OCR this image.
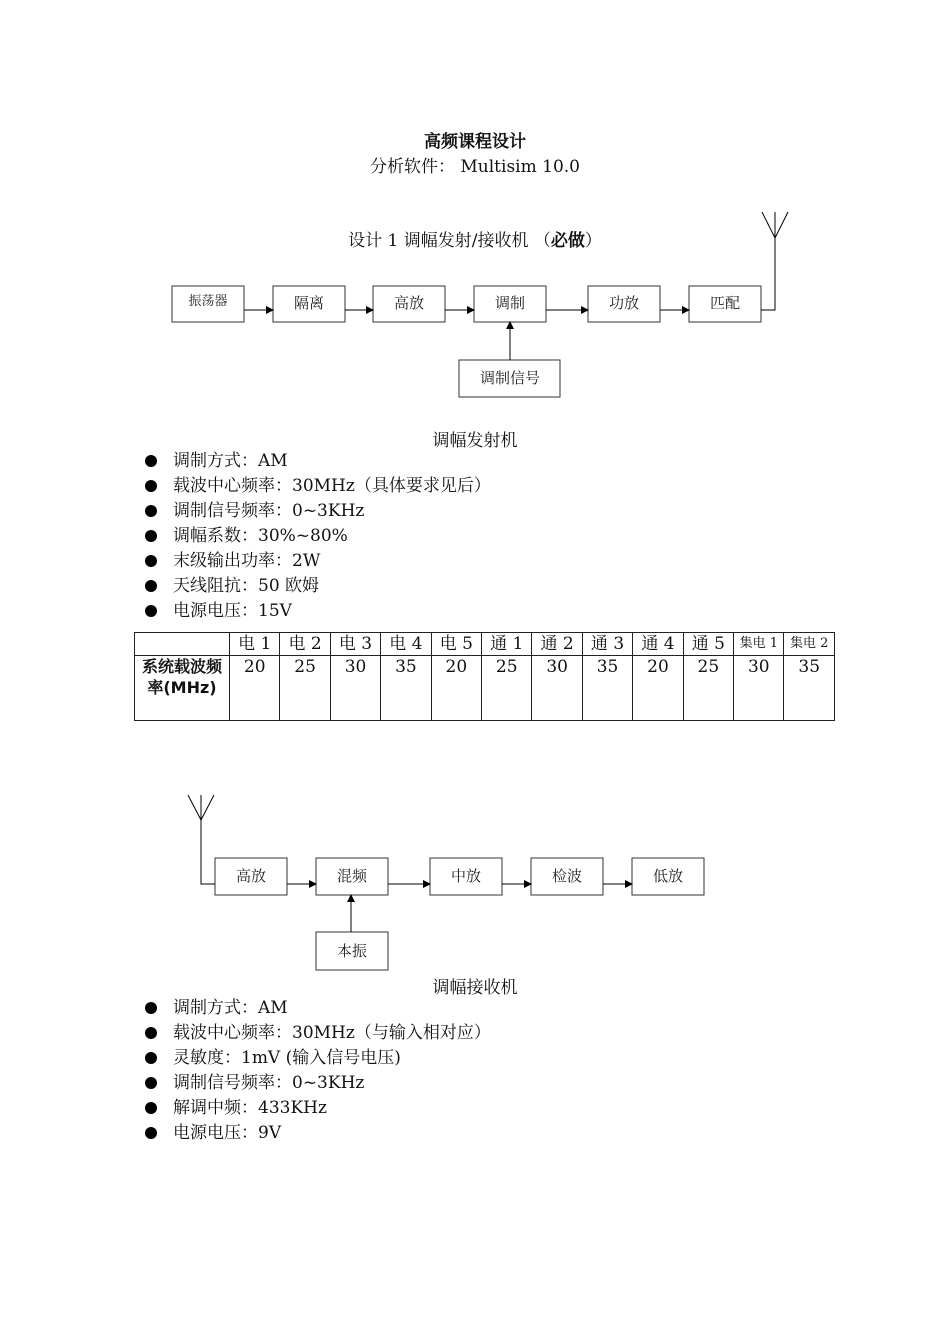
高频课程设计
分析软件： Multisim 10.0
设计 1 调幅发射/接收机 （必做）
振荡器	隔离	高放	调制	功放	匹配
调制信号
调幅发射机
调制方式：AM
载波中心频率：30MHz（具体要求见后）
调制信号频率：0~3KHz
调幅系数：30%~80%
末级输出功率：2W
天线阻抗：50 欧姆
电源电压：15V
	电 1	电 2	电 3	电 4	电 5	通 1	通 2	通 3	通 4	通 5	集电 1	集电 2
系统载波频率(MHz)	20	25	30	35	20	25	30	35	20	25	30	35
高放	混频	中放	检波	低放
本振
调幅接收机
调制方式：AM
载波中心频率：30MHz（与输入相对应）
灵敏度：1mV (输入信号电压)
调制信号频率：0~3KHz
解调中频：433KHz
电源电压：9V
